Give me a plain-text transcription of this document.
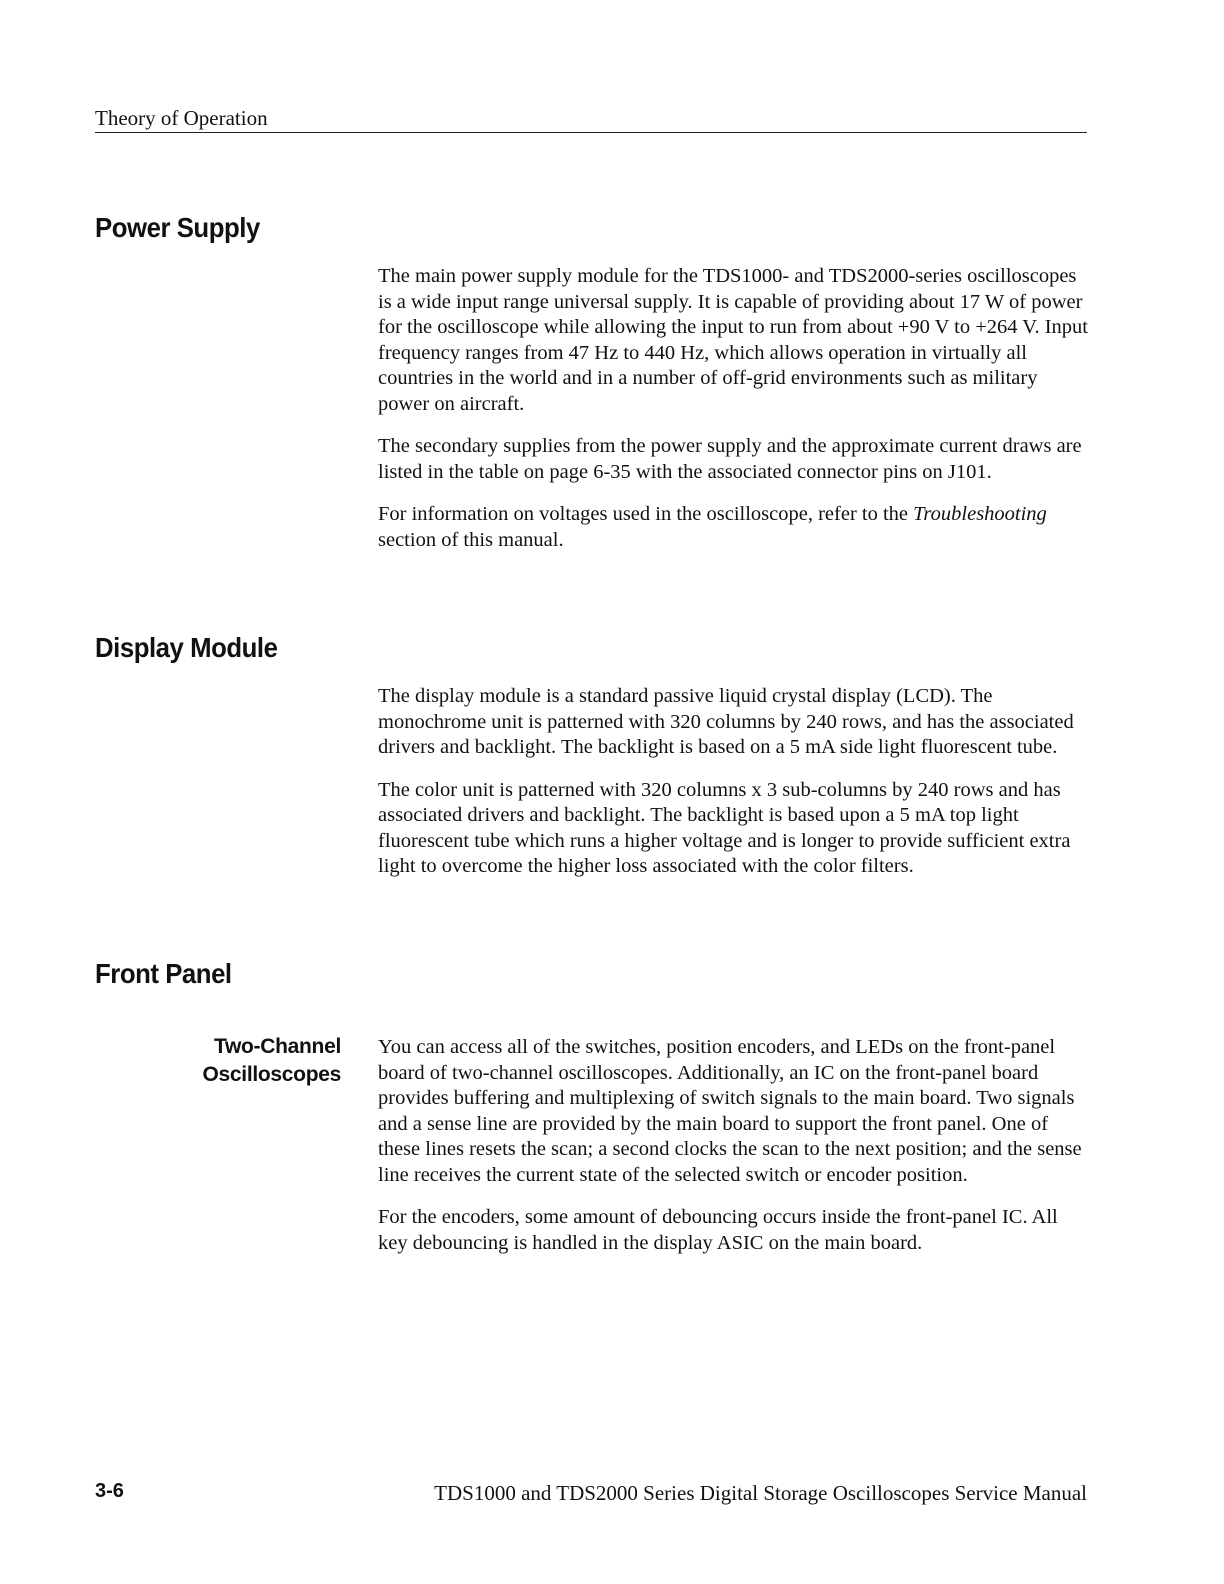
Theory of Operation
Power Supply

The main power supply module for the TDS1000- and TDS2000-series oscilloscopes is a wide input range universal supply. It is capable of providing about 17 W of power for the oscilloscope while allowing the input to run from about +90 V to +264 V. Input frequency ranges from 47 Hz to 440 Hz, which allows operation in virtually all countries in the world and in a number of off-grid environments such as military power on aircraft.

The secondary supplies from the power supply and the approximate current draws are listed in the table on page 6-35 with the associated connector pins on J101.

For information on voltages used in the oscilloscope, refer to the Troubleshooting section of this manual.

Display Module

The display module is a standard passive liquid crystal display (LCD). The monochrome unit is patterned with 320 columns by 240 rows, and has the associated drivers and backlight. The backlight is based on a 5 mA side light fluorescent tube.

The color unit is patterned with 320 columns x 3 sub-columns by 240 rows and has associated drivers and backlight. The backlight is based upon a 5 mA top light fluorescent tube which runs a higher voltage and is longer to provide sufficient extra light to overcome the higher loss associated with the color filters.

Front Panel
Two-Channel
Oscilloscopes

You can access all of the switches, position encoders, and LEDs on the front-panel board of two-channel oscilloscopes. Additionally, an IC on the front-panel board provides buffering and multiplexing of switch signals to the main board. Two signals and a sense line are provided by the main board to support the front panel. One of these lines resets the scan; a second clocks the scan to the next position; and the sense line receives the current state of the selected switch or encoder position.

For the encoders, some amount of debouncing occurs inside the front-panel IC. All key debouncing is handled in the display ASIC on the main board.

3-6	TDS1000 and TDS2000 Series Digital Storage Oscilloscopes Service Manual
